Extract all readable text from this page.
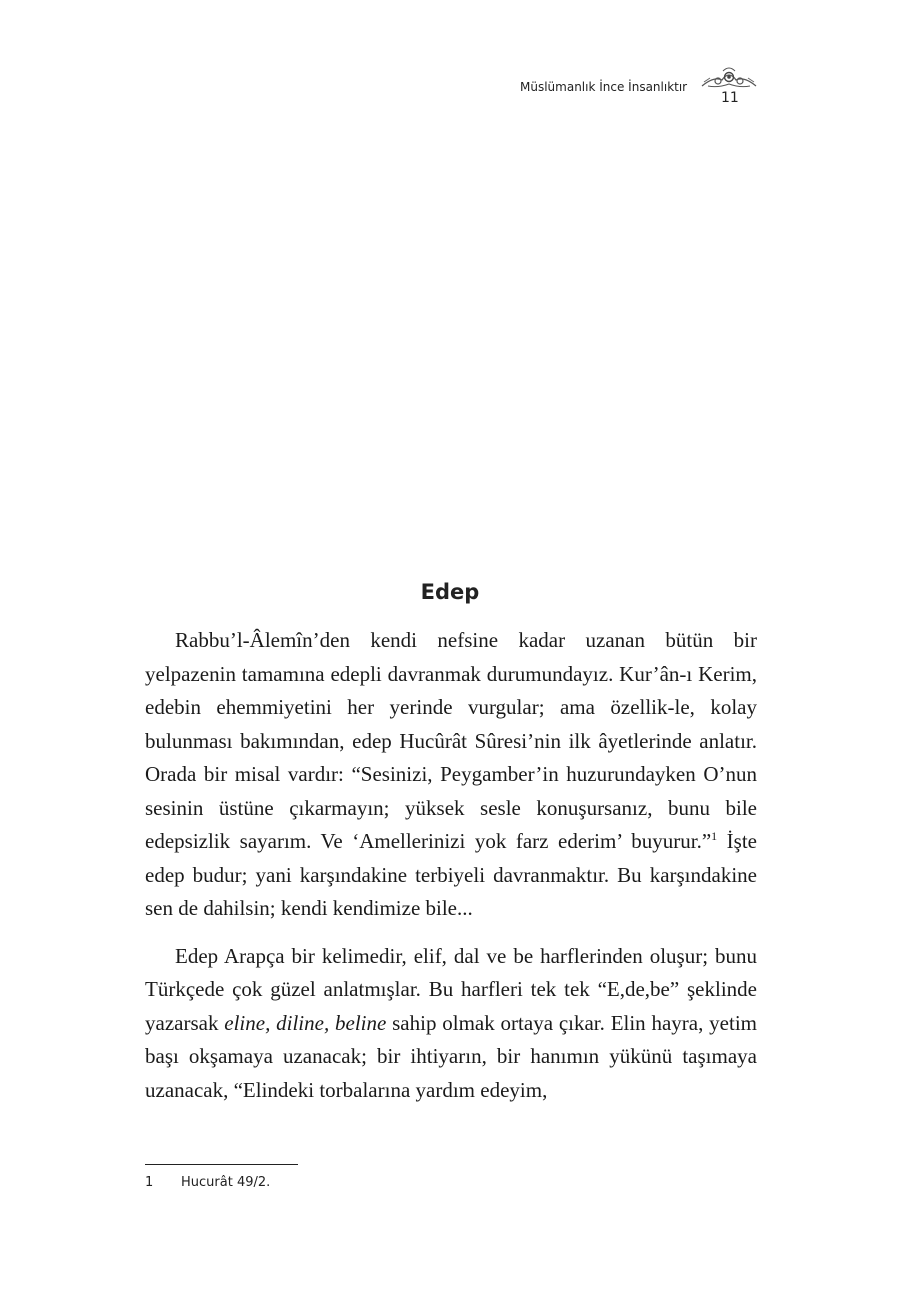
Müslümanlık İnce İnsanlıktır
11
Edep

Rabbu’l-Âlemîn’den kendi nefsine kadar uzanan bütün bir yelpazenin tamamına edepli davranmak durumundayız. Kur’ân-ı Kerim, edebin ehemmiyetini her yerinde vurgular; ama özellik-le, kolay bulunması bakımından, edep Hucûrât Sûresi’nin ilk âyetlerinde anlatır. Orada bir misal vardır: “Sesinizi, Peygamber’in huzurundayken O’nun sesinin üstüne çıkarmayın; yüksek sesle konuşursanız, bunu bile edepsizlik sayarım. Ve ‘Amellerinizi yok farz ederim’ buyurur.”$^1$ İşte edep budur; yani karşındakine terbiyeli davranmaktır. Bu karşındakine sen de dahilsin; kendi kendimize bile...

Edep Arapça bir kelimedir, elif, dal ve be harflerinden oluşur; bunu Türkçede çok güzel anlatmışlar. Bu harfleri tek tek “E,de,be” şeklinde yazarsak eline, diline, beline sahip olmak ortaya çıkar. Elin hayra, yetim başı okşamaya uzanacak; bir ihtiyarın, bir hanımın yükünü taşımaya uzanacak, “Elindeki torbalarına yardım edeyim,

1 Hucurât 49/2.
